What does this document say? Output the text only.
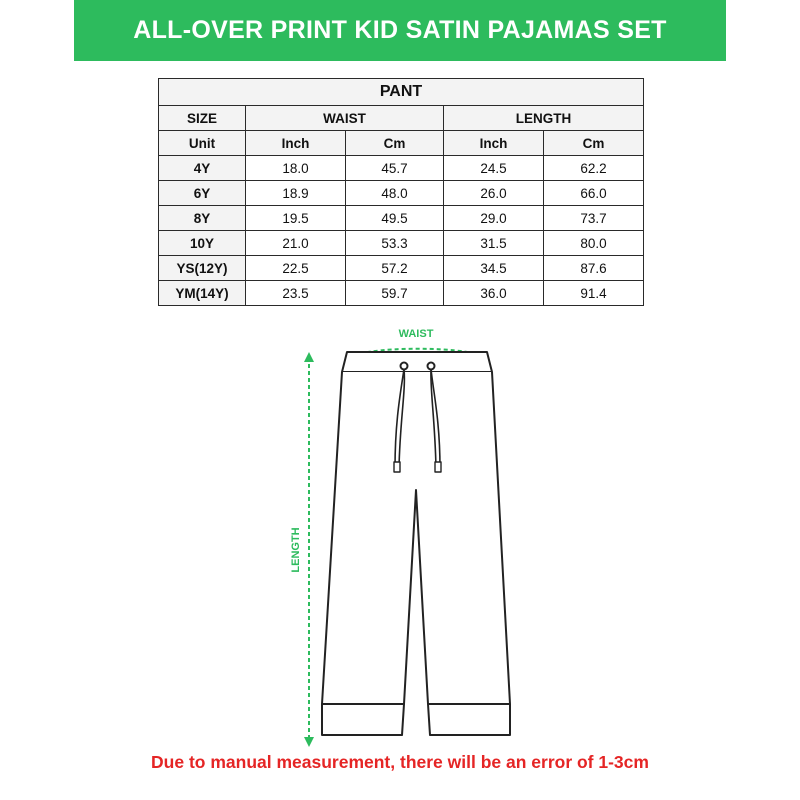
ALL-OVER PRINT KID SATIN PAJAMAS SET
PANT				
SIZE	WAIST		LENGTH	
Unit	Inch	Cm	Inch	Cm
4Y	18.0	45.7	24.5	62.2
6Y	18.9	48.0	26.0	66.0
8Y	19.5	49.5	29.0	73.7
10Y	21.0	53.3	31.5	80.0
YS(12Y)	22.5	57.2	34.5	87.6
YM(14Y)	23.5	59.7	36.0	91.4
WAIST
LENGTH
Due to manual measurement, there will be an error of 1-3cm
